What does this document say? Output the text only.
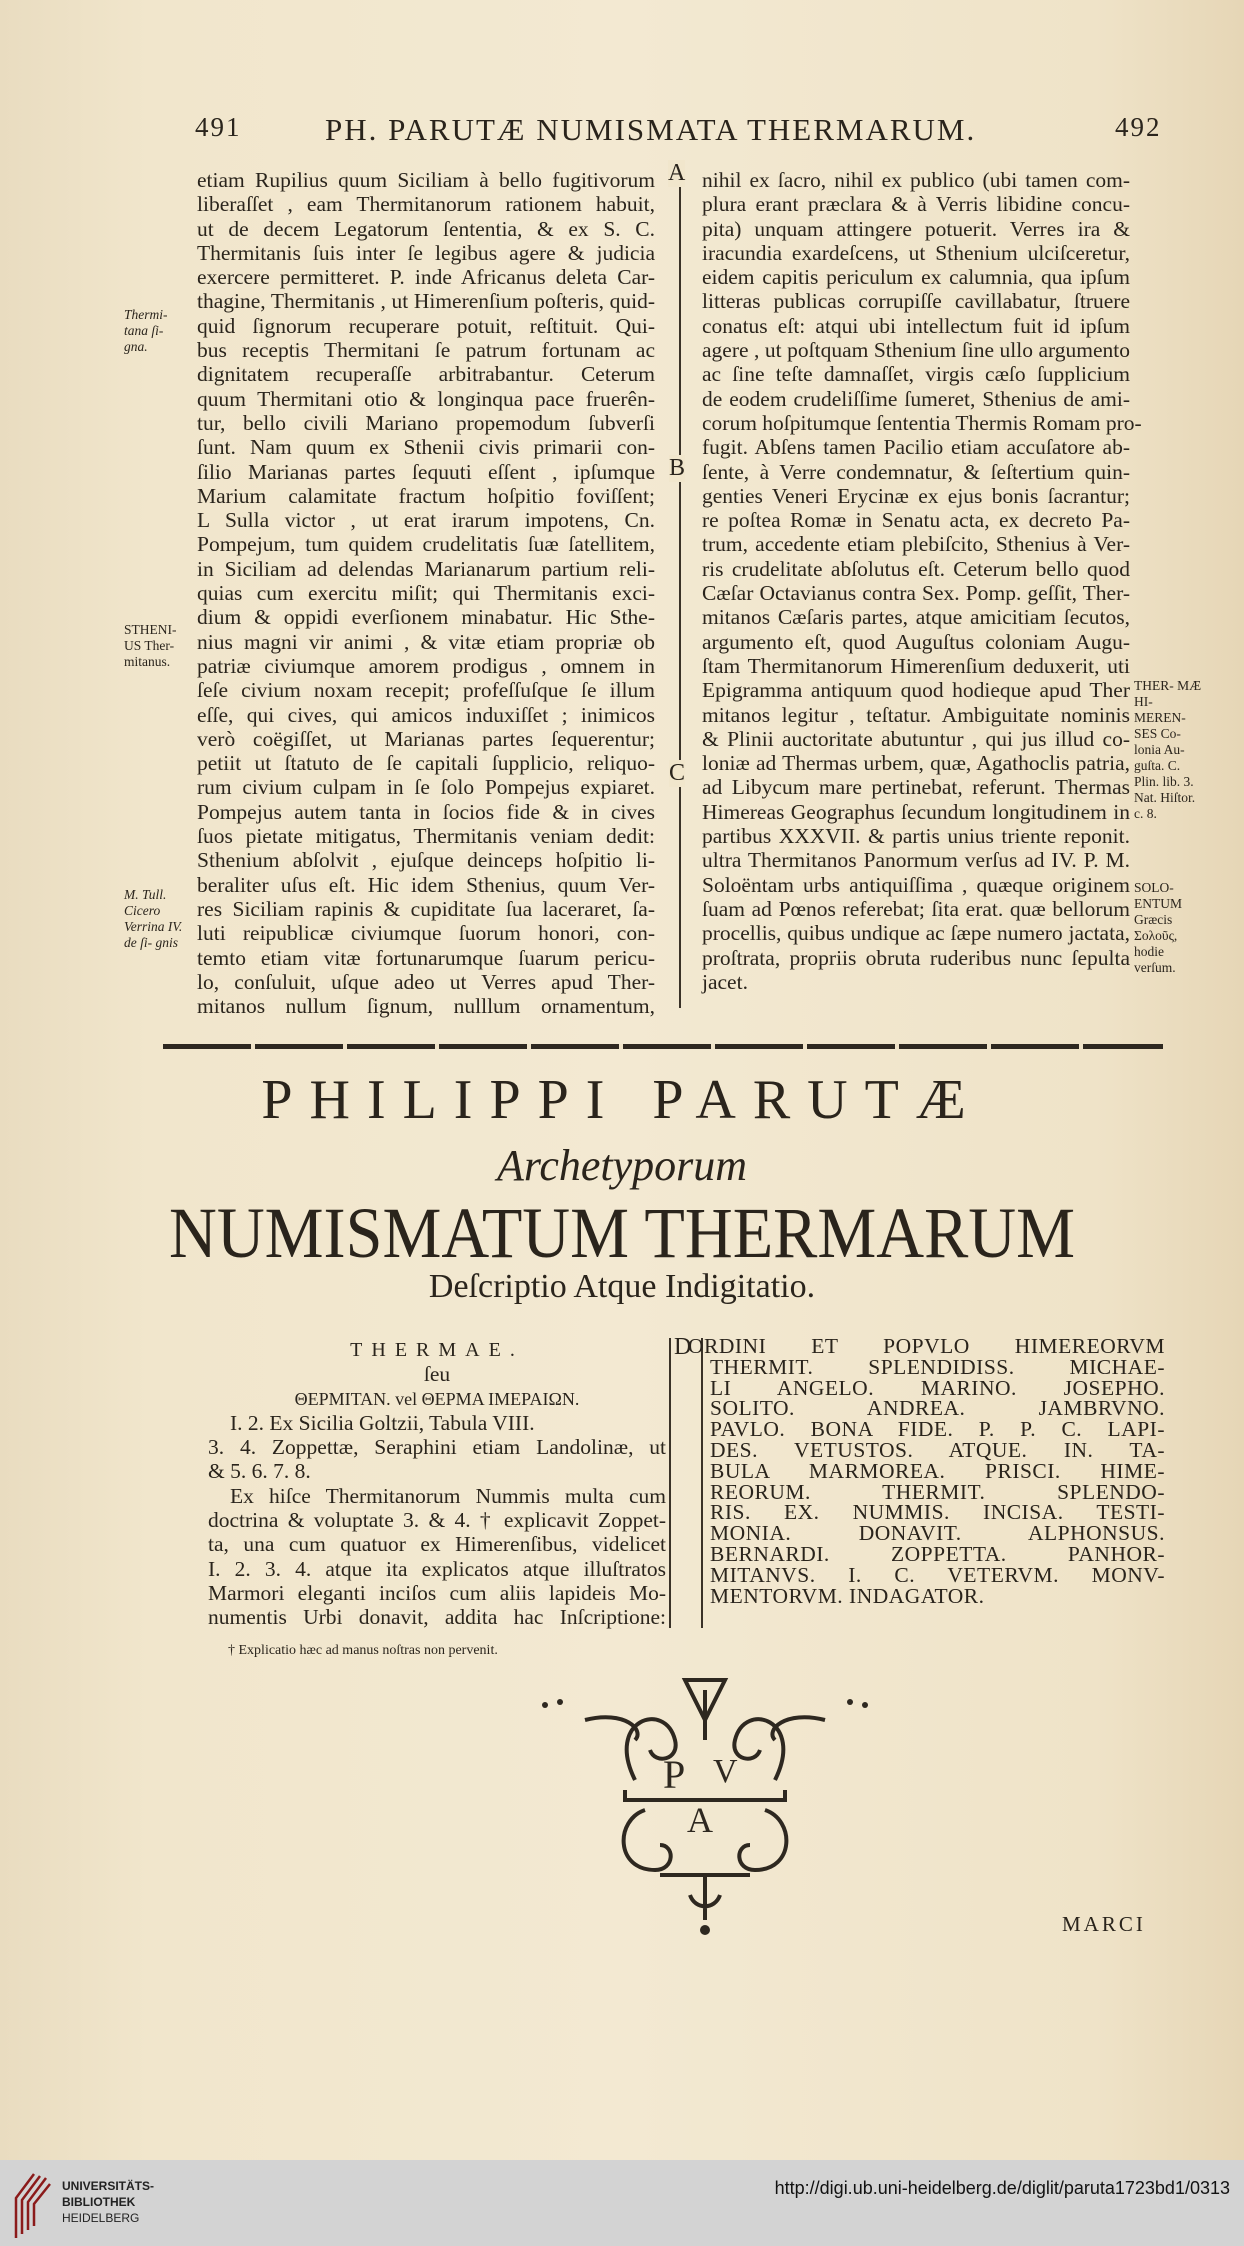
491	PH. PARUTÆ NUMISMATA THERMARUM.	492
etiam Rupilius quum Siciliam à bello fugitivorum
liberaſſet , eam Thermitanorum rationem habuit,
ut de decem Legatorum ſententia, & ex S. C.
Thermitanis ſuis inter ſe legibus agere & judicia
exercere permitteret. P. inde Africanus deleta Car-
thagine, Thermitanis , ut Himerenſium poſteris, quid-
quid ſignorum recuperare potuit, reſtituit. Qui-
bus receptis Thermitani ſe patrum fortunam ac
dignitatem recuperaſſe arbitrabantur. Ceterum
quum Thermitani otio & longinqua pace fruerên-
tur, bello civili Mariano propemodum ſubverſi
ſunt. Nam quum ex Sthenii civis primarii con-
ſilio Marianas partes ſequuti eſſent , ipſumque
Marium calamitate fractum hoſpitio foviſſent;
L Sulla victor , ut erat irarum impotens, Cn.
Pompejum, tum quidem crudelitatis ſuæ ſatellitem,
in Siciliam ad delendas Marianarum partium reli-
quias cum exercitu miſit; qui Thermitanis exci-
dium & oppidi everſionem minabatur. Hic Sthe-
nius magni vir animi , & vitæ etiam propriæ ob
patriæ civiumque amorem prodigus , omnem in
ſeſe civium noxam recepit; profeſſuſque ſe illum
eſſe, qui cives, qui amicos induxiſſet ; inimicos
verò coëgiſſet, ut Marianas partes ſequerentur;
petiit ut ſtatuto de ſe capitali ſupplicio, reliquo-
rum civium culpam in ſe ſolo Pompejus expiaret.
Pompejus autem tanta in ſocios fide & in cives
ſuos pietate mitigatus, Thermitanis veniam dedit:
Sthenium abſolvit , ejuſque deinceps hoſpitio li-
beraliter uſus eſt. Hic idem Sthenius, quum Ver-
res Siciliam rapinis & cupiditate ſua laceraret, ſa-
luti reipublicæ civiumque ſuorum honori, con-
temto etiam vitæ fortunarumque ſuarum pericu-
lo, conſuluit, uſque adeo ut Verres apud Ther-
mitanos nullum ſignum, nulllum ornamentum,
nihil ex ſacro, nihil ex publico (ubi tamen com-
plura erant præclara & à Verris libidine concu-
pita) unquam attingere potuerit. Verres ira &
iracundia exardeſcens, ut Sthenium ulciſceretur,
eidem capitis periculum ex calumnia, qua ipſum
litteras publicas corrupiſſe cavillabatur, ſtruere
conatus eſt: atqui ubi intellectum fuit id ipſum
agere , ut poſtquam Sthenium ſine ullo argumento
ac ſine teſte damnaſſet, virgis cæſo ſupplicium
de eodem crudeliſſime ſumeret, Sthenius de ami-
corum hoſpitumque ſententia Thermis Romam pro-
fugit. Abſens tamen Pacilio etiam accuſatore ab-
ſente, à Verre condemnatur, & ſeſtertium quin-
genties Veneri Erycinæ ex ejus bonis ſacrantur;
re poſtea Romæ in Senatu acta, ex decreto Pa-
trum, accedente etiam plebiſcito, Sthenius à Ver-
ris crudelitate abſolutus eſt. Ceterum bello quod
Cæſar Octavianus contra Sex. Pomp. geſſit, Ther-
mitanos Cæſaris partes, atque amicitiam ſecutos,
argumento eſt, quod Auguſtus coloniam Augu-
ſtam Thermitanorum Himerenſium deduxerit, uti
Epigramma antiquum quod hodieque apud Ther
mitanos legitur , teſtatur. Ambiguitate nominis
& Plinii auctoritate abutuntur , qui jus illud co-
loniæ ad Thermas urbem, quæ, Agathoclis patria,
ad Libycum mare pertinebat, referunt. Thermas
Himereas Geographus ſecundum longitudinem in
partibus XXXVII. & partis unius triente reponit.
ultra Thermitanos Panormum verſus ad IV. P. M.
Soloëntam urbs antiquiſſima , quæque originem
ſuam ad Pœnos referebat; ſita erat. quæ bellorum
procellis, quibus undique ac ſæpe numero jactata,
proſtrata, propriis obruta ruderibus nunc ſepulta
jacet.
A
B
C
Thermi- tana ſi- gna.
STHENI- US Ther- mitanus.
M. Tull. Cicero Verrina IV. de ſi- gnis
THER- MÆ HI- MEREN- SES Co- lonia Au- guſta. C. Plin. lib. 3. Nat. Hiſtor. c. 8.
SOLO- ENTUM Græcis Σολοῦς, hodie verſum.
PHILIPPI PARUTÆ
Archetyporum
NUMISMATUM THERMARUM
Deſcriptio Atque Indigitatio.
THERMAE.
ſeu
ΘΕΡΜΙΤΑΝ. vel ΘΕΡΜΑ ΙΜΕΡΑΙΩΝ.
I. 2. Ex Sicilia Goltzii, Tabula VIII.
3. 4. Zoppettæ, Seraphini etiam Landolinæ, ut
& 5. 6. 7. 8.
Ex hiſce Thermitanorum Nummis multa cum
doctrina & voluptate 3. & 4. † explicavit Zoppet-
ta, una cum quatuor ex Himerenſibus, videlicet
I. 2. 3. 4. atque ita explicatos atque illuſtratos
Marmori eleganti inciſos cum aliis lapideis Mo-
numentis Urbi donavit, addita hac Inſcriptione:
† Explicatio hæc ad manus noſtras non pervenit.
D
ORDINI ET POPVLO HIMEREORVM
THERMIT. SPLENDIDISS. MICHAE-
LI ANGELO. MARINO. JOSEPHO.
SOLITO. ANDREA. JAMBRVNO.
PAVLO. BONA FIDE. P. P. C. LAPI-
DES. VETUSTOS. ATQUE. IN. TA-
BULA MARMOREA. PRISCI. HIME-
REORUM. THERMIT. SPLENDO-
RIS. EX. NUMMIS. INCISA. TESTI-
MONIA. DONAVIT. ALPHONSUS.
BERNARDI. ZOPPETTA. PANHOR-
MITANVS. I. C. VETERVM. MONV-
MENTORVM. INDAGATOR.
P V
A
MARCI
UNIVERSITÄTS-
BIBLIOTHEK
HEIDELBERG
http://digi.ub.uni-heidelberg.de/diglit/paruta1723bd1/0313
